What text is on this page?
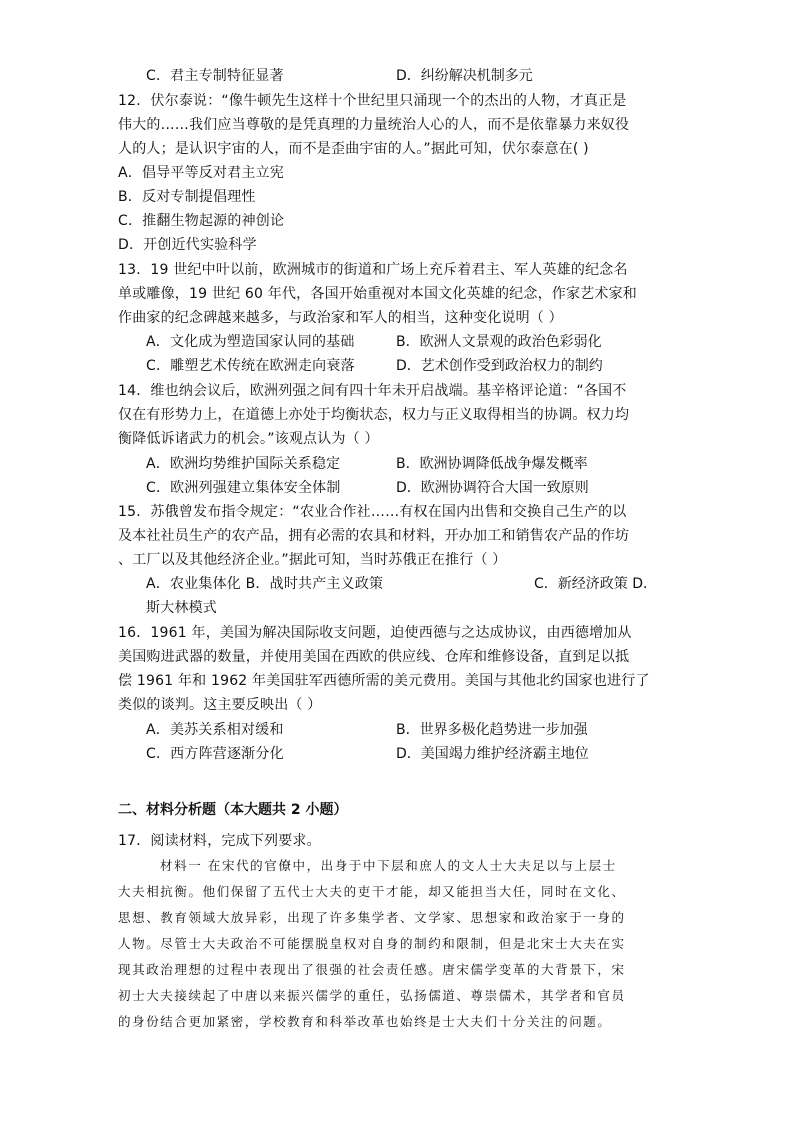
C．君主专制特征显著	D．纠纷解决机制多元
12．伏尔泰说：“像牛顿先生这样十个世纪里只涌现一个的杰出的人物，才真正是
伟大的……我们应当尊敬的是凭真理的力量统治人心的人，而不是依靠暴力来奴役
人的人；是认识宇宙的人，而不是歪曲宇宙的人。”据此可知，伏尔泰意在( )
A．倡导平等反对君主立宪
B．反对专制提倡理性
C．推翻生物起源的神创论
D．开创近代实验科学
13．19 世纪中叶以前，欧洲城市的街道和广场上充斥着君主、军人英雄的纪念名
单或雕像，19 世纪 60 年代，各国开始重视对本国文化英雄的纪念，作家艺术家和
作曲家的纪念碑越来越多，与政治家和军人的相当，这种变化说明（ ）
A．文化成为塑造国家认同的基础	B．欧洲人文景观的政治色彩弱化
C．雕塑艺术传统在欧洲走向衰落	D．艺术创作受到政治权力的制约
14．维也纳会议后，欧洲列强之间有四十年未开启战端。基辛格评论道：“各国不
仅在有形势力上，在道德上亦处于均衡状态，权力与正义取得相当的协调。权力均
衡降低诉诸武力的机会。”该观点认为（ ）
A．欧洲均势维护国际关系稳定	B．欧洲协调降低战争爆发概率
C．欧洲列强建立集体安全体制	D．欧洲协调符合大国一致原则
15．苏俄曾发布指令规定：“农业合作社……有权在国内出售和交换自己生产的以
及本社社员生产的农产品，拥有必需的农具和材料，开办加工和销售农产品的作坊
、工厂以及其他经济企业。”据此可知，当时苏俄正在推行（ ）
A．农业集体化 B．战时共产主义政策	C．新经济政策 D．
斯大林模式
16．1961 年，美国为解决国际收支问题，迫使西德与之达成协议，由西德增加从
美国购进武器的数量，并使用美国在西欧的供应线、仓库和维修设备，直到足以抵
偿 1961 年和 1962 年美国驻军西德所需的美元费用。美国与其他北约国家也进行了
类似的谈判。这主要反映出（ ）
A．美苏关系相对缓和	B．世界多极化趋势进一步加强
C．西方阵营逐渐分化	D．美国竭力维护经济霸主地位
二、材料分析题（本大题共 2 小题）
17．阅读材料，完成下列要求。
材料一 在宋代的官僚中，出身于中下层和庶人的文人士大夫足以与上层士
大夫相抗衡。他们保留了五代士大夫的吏干才能，却又能担当大任，同时在文化、
思想、教育领域大放异彩，出现了许多集学者、文学家、思想家和政治家于一身的
人物。尽管士大夫政治不可能摆脱皇权对自身的制约和限制，但是北宋士大夫在实
现其政治理想的过程中表现出了很强的社会责任感。唐宋儒学变革的大背景下，宋
初士大夫接续起了中唐以来振兴儒学的重任，弘扬儒道、尊崇儒术，其学者和官员
的身份结合更加紧密，学校教育和科举改革也始终是士大夫们十分关注的问题。
